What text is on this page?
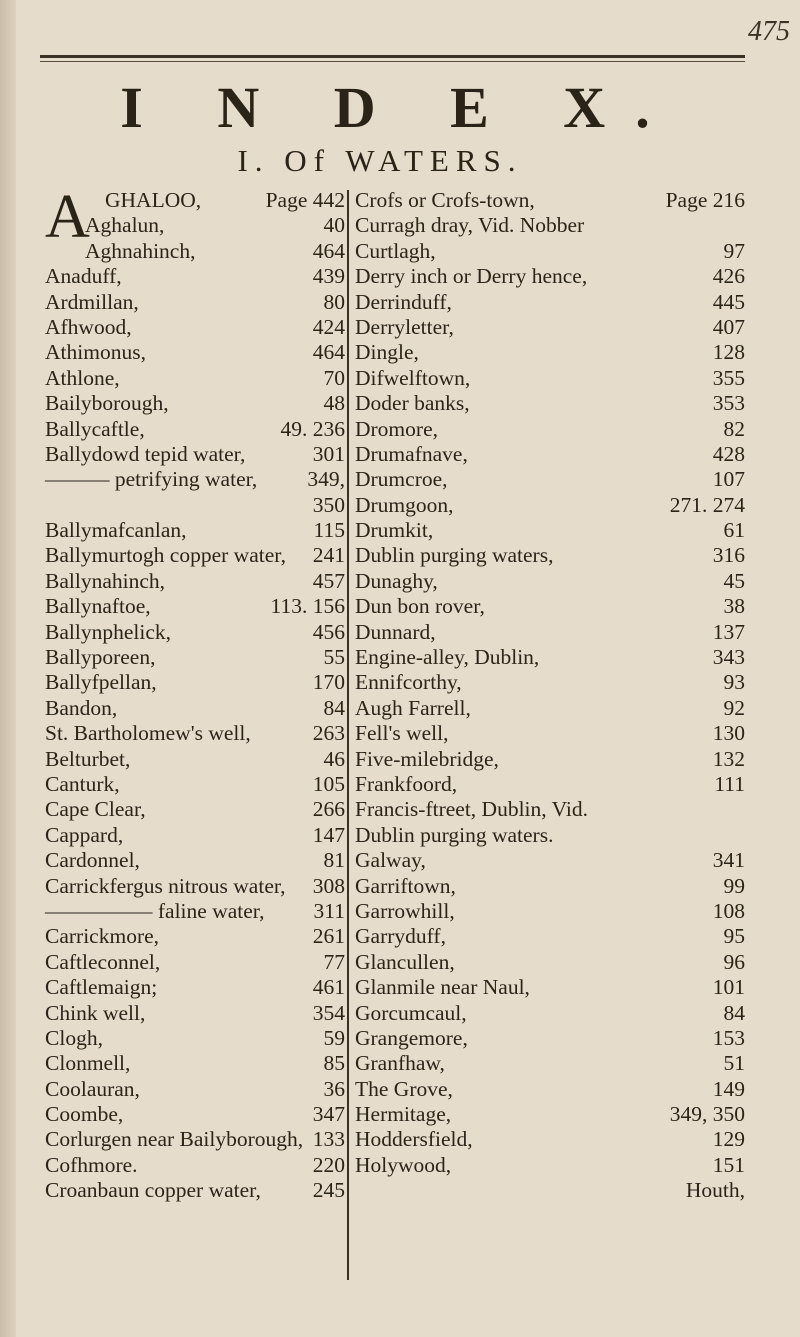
475
I N D E X.
I. Of WATERS.
A GHALOO,	Page 442
Aghalun,	40
Aghnahinch,	464
Anaduff,	439
Ardmillan,	80
Afhwood,	424
Athimonus,	464
Athlone,	70
Bailyborough,	48
Ballycaftle,	49. 236
Ballydowd tepid water,	301
——— petrifying water, 349,
350
Ballymafcanlan,	115
Ballymurtogh copper water, 241
Ballynahinch,	457
Ballynaftoe,	113. 156
Ballynphelick,	456
Ballyporeen,	55
Ballyfpellan,	170
Bandon,	84
St. Bartholomew's well,	263
Belturbet,	46
Canturk,	105
Cape Clear,	266
Cappard,	147
Cardonnel,	81
Carrickfergus nitrous water, 308
————— faline water, 311
Carrickmore,	261
Caftleconnel,	77
Caftlemaign;	461
Chink well,	354
Clogh,	59
Clonmell,	85
Coolauran,	36
Coombe,	347
Corlurgen near Bailyborough, 133
Cofhmore.	220
Croanbaun copper water, 245
Crofs or Crofs-town,	Page 216
Curragh dray, Vid. Nobber
Curtlagh,	97
Derry inch or Derry hence,	426
Derrinduff,	445
Derryletter,	407
Dingle,	128
Difwelftown,	355
Doder banks,	353
Dromore,	82
Drumafnave,	428
Drumcroe,	107
Drumgoon,	271. 274
Drumkit,	61
Dublin purging waters,	316
Dunaghy,	45
Dun bon rover,	38
Dunnard,	137
Engine-alley, Dublin,	343
Ennifcorthy,	93
Augh Farrell,	92
Fell's well,	130
Five-milebridge,	132
Frankfoord,	111
Francis-ftreet, Dublin, Vid.
Dublin purging waters.
Galway,	341
Garriftown,	99
Garrowhill,	108
Garryduff,	95
Glancullen,	96
Glanmile near Naul,	101
Gorcumcaul,	84
Grangemore,	153
Granfhaw,	51
The Grove,	149
Hermitage,	349, 350
Hoddersfield,	129
Holywood,	151
Houth,
